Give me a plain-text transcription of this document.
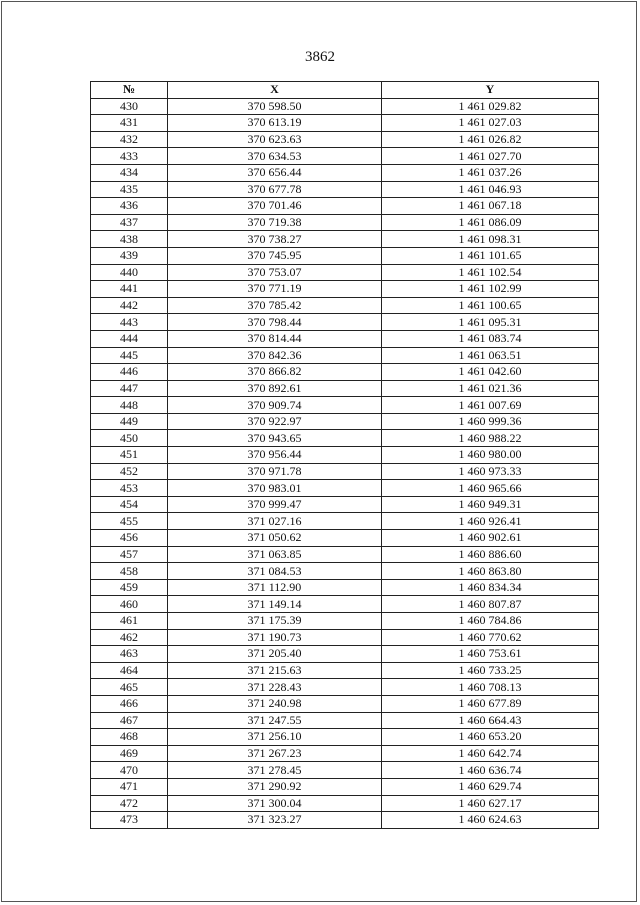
3862
№	X	Y
430	370 598.50	1 461 029.82
431	370 613.19	1 461 027.03
432	370 623.63	1 461 026.82
433	370 634.53	1 461 027.70
434	370 656.44	1 461 037.26
435	370 677.78	1 461 046.93
436	370 701.46	1 461 067.18
437	370 719.38	1 461 086.09
438	370 738.27	1 461 098.31
439	370 745.95	1 461 101.65
440	370 753.07	1 461 102.54
441	370 771.19	1 461 102.99
442	370 785.42	1 461 100.65
443	370 798.44	1 461 095.31
444	370 814.44	1 461 083.74
445	370 842.36	1 461 063.51
446	370 866.82	1 461 042.60
447	370 892.61	1 461 021.36
448	370 909.74	1 461 007.69
449	370 922.97	1 460 999.36
450	370 943.65	1 460 988.22
451	370 956.44	1 460 980.00
452	370 971.78	1 460 973.33
453	370 983.01	1 460 965.66
454	370 999.47	1 460 949.31
455	371 027.16	1 460 926.41
456	371 050.62	1 460 902.61
457	371 063.85	1 460 886.60
458	371 084.53	1 460 863.80
459	371 112.90	1 460 834.34
460	371 149.14	1 460 807.87
461	371 175.39	1 460 784.86
462	371 190.73	1 460 770.62
463	371 205.40	1 460 753.61
464	371 215.63	1 460 733.25
465	371 228.43	1 460 708.13
466	371 240.98	1 460 677.89
467	371 247.55	1 460 664.43
468	371 256.10	1 460 653.20
469	371 267.23	1 460 642.74
470	371 278.45	1 460 636.74
471	371 290.92	1 460 629.74
472	371 300.04	1 460 627.17
473	371 323.27	1 460 624.63
